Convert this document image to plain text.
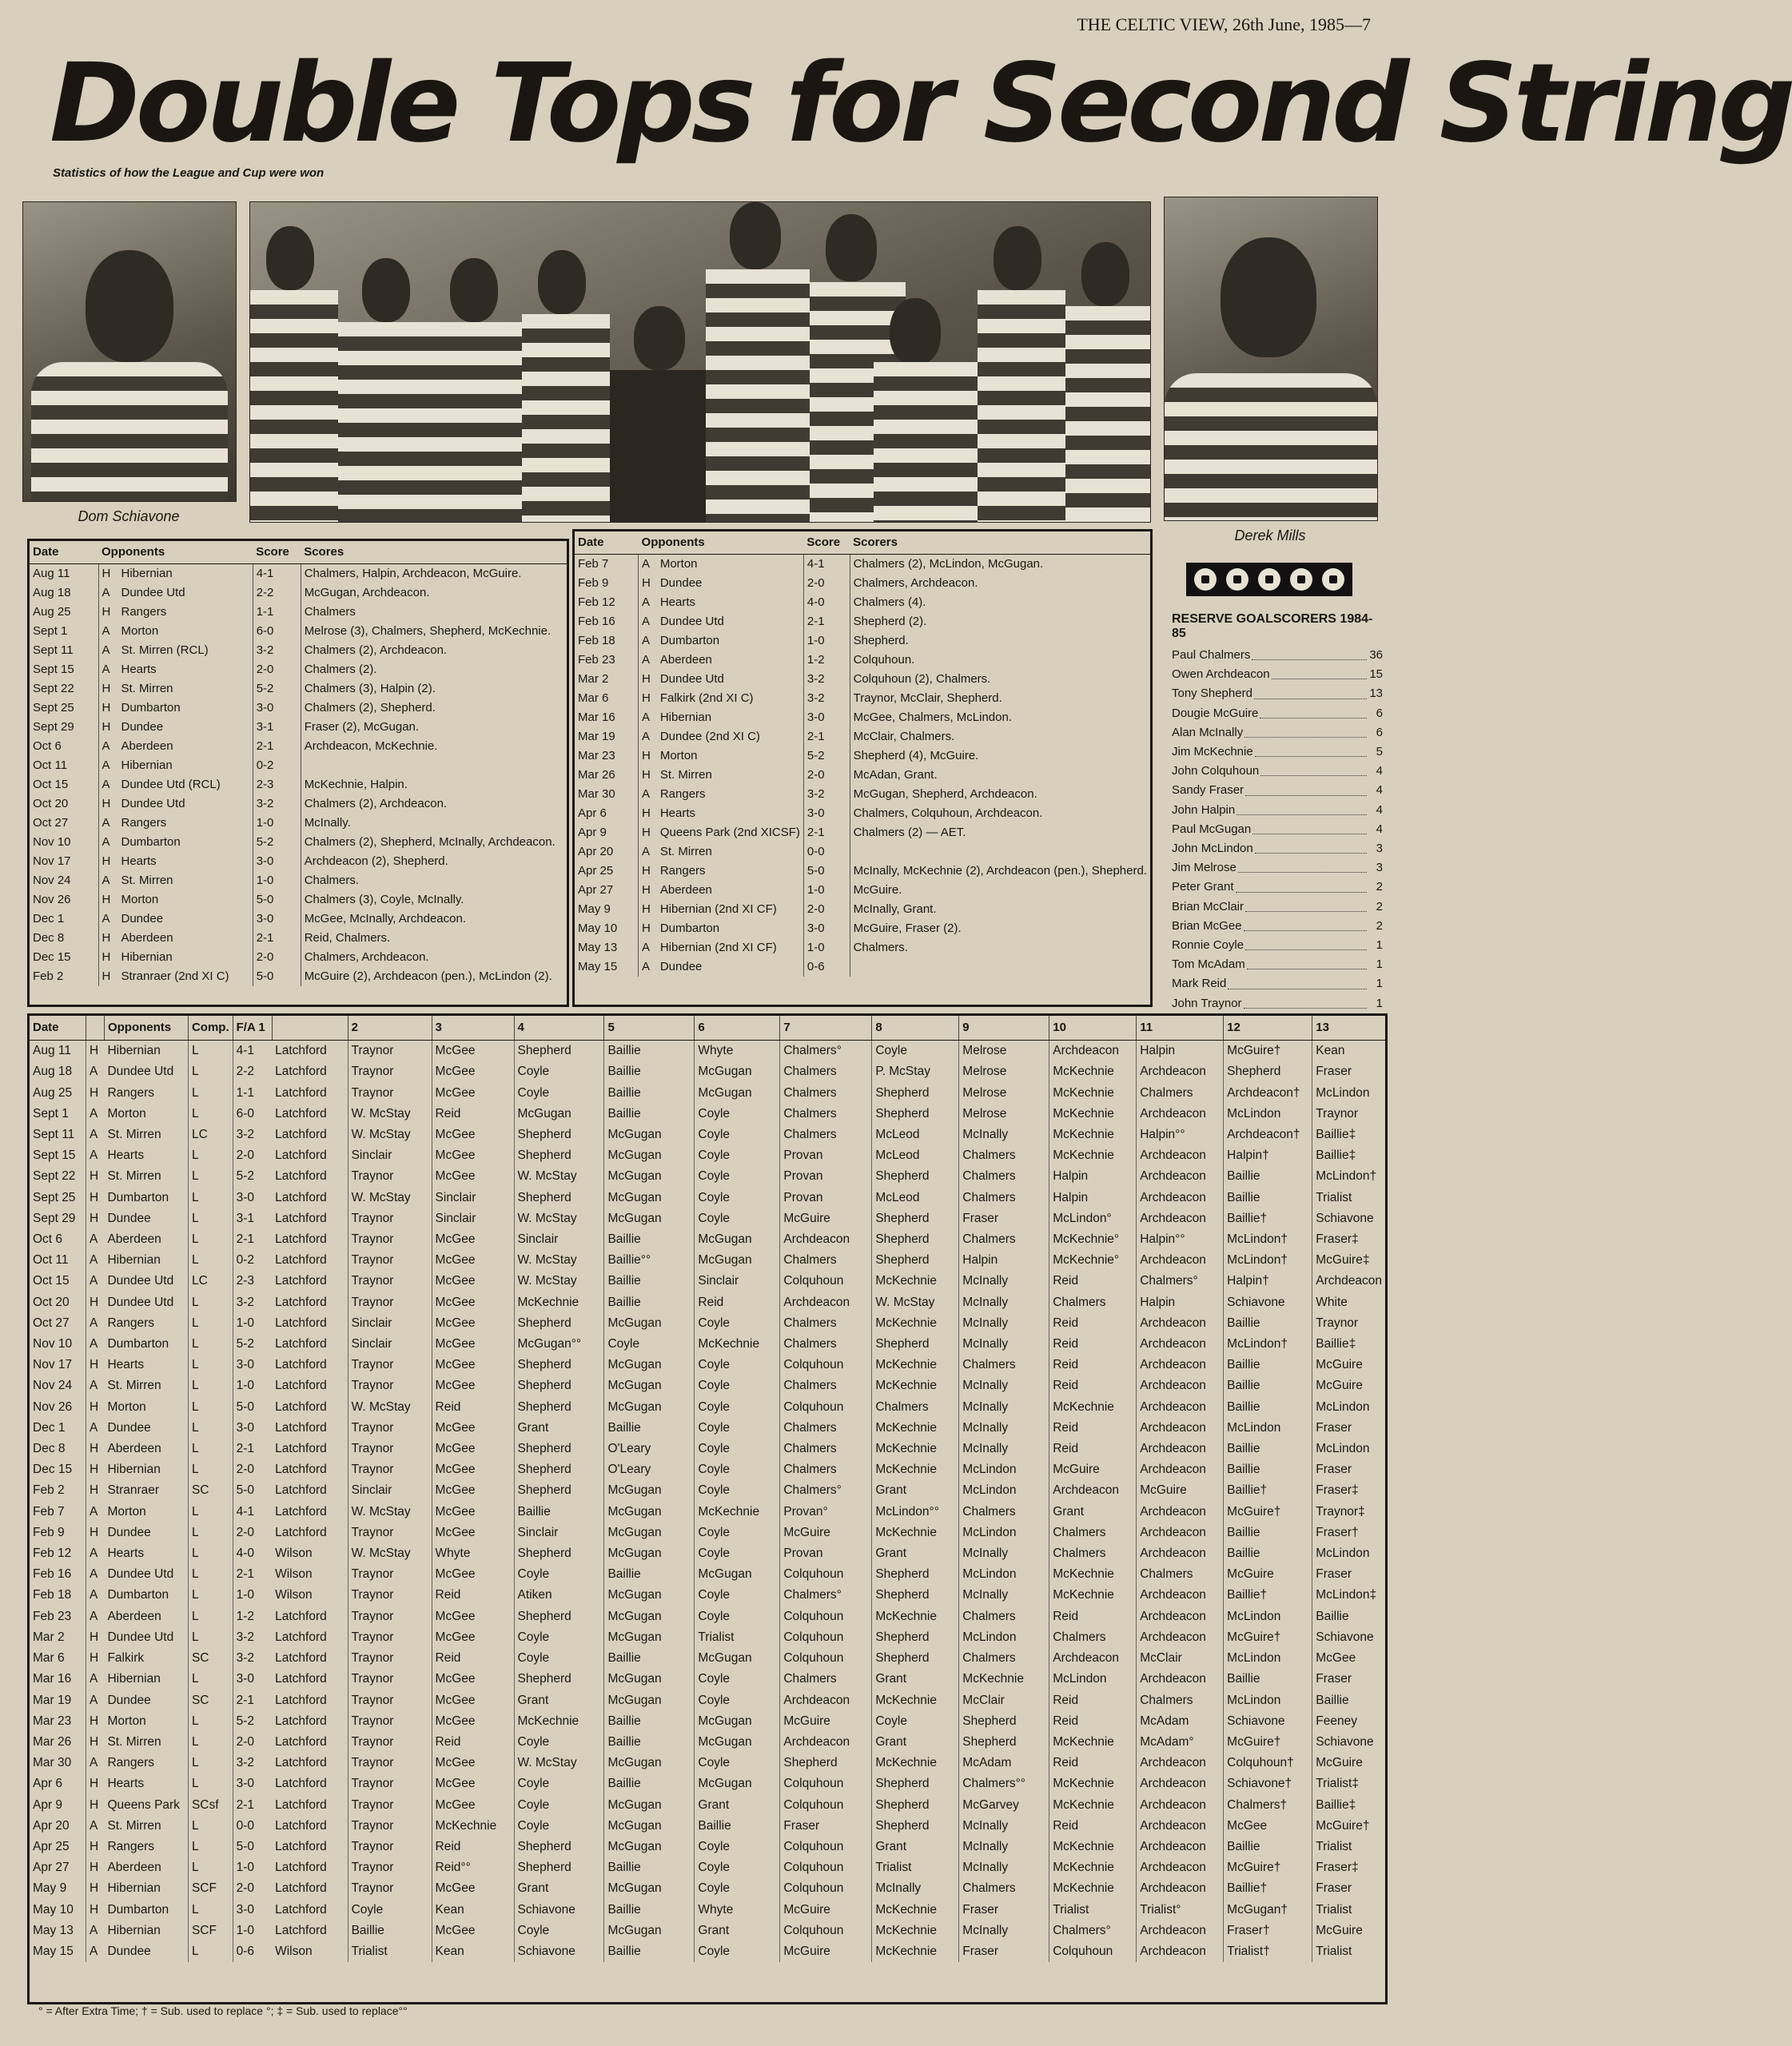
THE CELTIC VIEW, 26th June, 1985—7
Double Tops for Second String
Statistics of how the League and Cup were won
Dom Schiavone
Derek Mills
Date	Opponents		Score	Scores
Aug 11	H	Hibernian	4-1	Chalmers, Halpin, Archdeacon, McGuire.
Aug 18	A	Dundee Utd	2-2	McGugan, Archdeacon.
Aug 25	H	Rangers	1-1	Chalmers
Sept 1	A	Morton	6-0	Melrose (3), Chalmers, Shepherd, McKechnie.
Sept 11	A	St. Mirren (RCL)	3-2	Chalmers (2), Archdeacon.
Sept 15	A	Hearts	2-0	Chalmers (2).
Sept 22	H	St. Mirren	5-2	Chalmers (3), Halpin (2).
Sept 25	H	Dumbarton	3-0	Chalmers (2), Shepherd.
Sept 29	H	Dundee	3-1	Fraser (2), McGugan.
Oct 6	A	Aberdeen	2-1	Archdeacon, McKechnie.
Oct 11	A	Hibernian	0-2	
Oct 15	A	Dundee Utd (RCL)	2-3	McKechnie, Halpin.
Oct 20	H	Dundee Utd	3-2	Chalmers (2), Archdeacon.
Oct 27	A	Rangers	1-0	McInally.
Nov 10	A	Dumbarton	5-2	Chalmers (2), Shepherd, McInally, Archdeacon.
Nov 17	H	Hearts	3-0	Archdeacon (2), Shepherd.
Nov 24	A	St. Mirren	1-0	Chalmers.
Nov 26	H	Morton	5-0	Chalmers (3), Coyle, McInally.
Dec 1	A	Dundee	3-0	McGee, McInally, Archdeacon.
Dec 8	H	Aberdeen	2-1	Reid, Chalmers.
Dec 15	H	Hibernian	2-0	Chalmers, Archdeacon.
Feb 2	H	Stranraer (2nd XI C)	5-0	McGuire (2), Archdeacon (pen.), McLindon (2).
Date	Opponents		Score	Scorers
Feb 7	A	Morton	4-1	Chalmers (2), McLindon, McGugan.
Feb 9	H	Dundee	2-0	Chalmers, Archdeacon.
Feb 12	A	Hearts	4-0	Chalmers (4).
Feb 16	A	Dundee Utd	2-1	Shepherd (2).
Feb 18	A	Dumbarton	1-0	Shepherd.
Feb 23	A	Aberdeen	1-2	Colquhoun.
Mar 2	H	Dundee Utd	3-2	Colquhoun (2), Chalmers.
Mar 6	H	Falkirk (2nd XI C)	3-2	Traynor, McClair, Shepherd.
Mar 16	A	Hibernian	3-0	McGee, Chalmers, McLindon.
Mar 19	A	Dundee (2nd XI C)	2-1	McClair, Chalmers.
Mar 23	H	Morton	5-2	Shepherd (4), McGuire.
Mar 26	H	St. Mirren	2-0	McAdan, Grant.
Mar 30	A	Rangers	3-2	McGugan, Shepherd, Archdeacon.
Apr 6	H	Hearts	3-0	Chalmers, Colquhoun, Archdeacon.
Apr 9	H	Queens Park (2nd XICSF)	2-1	Chalmers (2) — AET.
Apr 20	A	St. Mirren	0-0	
Apr 25	H	Rangers	5-0	McInally, McKechnie (2), Archdeacon (pen.), Shepherd.
Apr 27	H	Aberdeen	1-0	McGuire.
May 9	H	Hibernian (2nd XI CF)	2-0	McInally, Grant.
May 10	H	Dumbarton	3-0	McGuire, Fraser (2).
May 13	A	Hibernian (2nd XI CF)	1-0	Chalmers.
May 15	A	Dundee	0-6	
RESERVE GOALSCORERS 1984-85
Paul Chalmers	36
Owen Archdeacon	15
Tony Shepherd	13
Dougie McGuire	6
Alan McInally	6
Jim McKechnie	5
John Colquhoun	4
Sandy Fraser	4
John Halpin	4
Paul McGugan	4
John McLindon	3
Jim Melrose	3
Peter Grant	2
Brian McClair	2
Brian McGee	2
Ronnie Coyle	1
Tom McAdam	1
Mark Reid	1
John Traynor	1
Date		Opponents	Comp.	F/A 1		2	3	4	5	6	7	8	9	10	11	12	13
Aug 11	H	Hibernian	L	4-1	Latchford	Traynor	McGee	Shepherd	Baillie	Whyte	Chalmers°	Coyle	Melrose	Archdeacon	Halpin	McGuire†	Kean
Aug 18	A	Dundee Utd	L	2-2	Latchford	Traynor	McGee	Coyle	Baillie	McGugan	Chalmers	P. McStay	Melrose	McKechnie	Archdeacon	Shepherd	Fraser
Aug 25	H	Rangers	L	1-1	Latchford	Traynor	McGee	Coyle	Baillie	McGugan	Chalmers	Shepherd	Melrose	McKechnie	Chalmers	Archdeacon†	McLindon
Sept 1	A	Morton	L	6-0	Latchford	W. McStay	Reid	McGugan	Baillie	Coyle	Chalmers	Shepherd	Melrose	McKechnie	Archdeacon	McLindon	Traynor
Sept 11	A	St. Mirren	LC	3-2	Latchford	W. McStay	McGee	Shepherd	McGugan	Coyle	Chalmers	McLeod	McInally	McKechnie	Halpin°°	Archdeacon†	Baillie‡
Sept 15	A	Hearts	L	2-0	Latchford	Sinclair	McGee	Shepherd	McGugan	Coyle	Provan	McLeod	Chalmers	McKechnie	Archdeacon	Halpin†	Baillie‡
Sept 22	H	St. Mirren	L	5-2	Latchford	Traynor	McGee	W. McStay	McGugan	Coyle	Provan	Shepherd	Chalmers	Halpin	Archdeacon	Baillie	McLindon†
Sept 25	H	Dumbarton	L	3-0	Latchford	W. McStay	Sinclair	Shepherd	McGugan	Coyle	Provan	McLeod	Chalmers	Halpin	Archdeacon	Baillie	Trialist
Sept 29	H	Dundee	L	3-1	Latchford	Traynor	Sinclair	W. McStay	McGugan	Coyle	McGuire	Shepherd	Fraser	McLindon°	Archdeacon	Baillie†	Schiavone
Oct 6	A	Aberdeen	L	2-1	Latchford	Traynor	McGee	Sinclair	Baillie	McGugan	Archdeacon	Shepherd	Chalmers	McKechnie°	Halpin°°	McLindon†	Fraser‡
Oct 11	A	Hibernian	L	0-2	Latchford	Traynor	McGee	W. McStay	Baillie°°	McGugan	Chalmers	Shepherd	Halpin	McKechnie°	Archdeacon	McLindon†	McGuire‡
Oct 15	A	Dundee Utd	LC	2-3	Latchford	Traynor	McGee	W. McStay	Baillie	Sinclair	Colquhoun	McKechnie	McInally	Reid	Chalmers°	Halpin†	Archdeacon
Oct 20	H	Dundee Utd	L	3-2	Latchford	Traynor	McGee	McKechnie	Baillie	Reid	Archdeacon	W. McStay	McInally	Chalmers	Halpin	Schiavone	White
Oct 27	A	Rangers	L	1-0	Latchford	Sinclair	McGee	Shepherd	McGugan	Coyle	Chalmers	McKechnie	McInally	Reid	Archdeacon	Baillie	Traynor
Nov 10	A	Dumbarton	L	5-2	Latchford	Sinclair	McGee	McGugan°°	Coyle	McKechnie	Chalmers	Shepherd	McInally	Reid	Archdeacon	McLindon†	Baillie‡
Nov 17	H	Hearts	L	3-0	Latchford	Traynor	McGee	Shepherd	McGugan	Coyle	Colquhoun	McKechnie	Chalmers	Reid	Archdeacon	Baillie	McGuire
Nov 24	A	St. Mirren	L	1-0	Latchford	Traynor	McGee	Shepherd	McGugan	Coyle	Chalmers	McKechnie	McInally	Reid	Archdeacon	Baillie	McGuire
Nov 26	H	Morton	L	5-0	Latchford	W. McStay	Reid	Shepherd	McGugan	Coyle	Colquhoun	Chalmers	McInally	McKechnie	Archdeacon	Baillie	McLindon
Dec 1	A	Dundee	L	3-0	Latchford	Traynor	McGee	Grant	Baillie	Coyle	Chalmers	McKechnie	McInally	Reid	Archdeacon	McLindon	Fraser
Dec 8	H	Aberdeen	L	2-1	Latchford	Traynor	McGee	Shepherd	O'Leary	Coyle	Chalmers	McKechnie	McInally	Reid	Archdeacon	Baillie	McLindon
Dec 15	H	Hibernian	L	2-0	Latchford	Traynor	McGee	Shepherd	O'Leary	Coyle	Chalmers	McKechnie	McLindon	McGuire	Archdeacon	Baillie	Fraser
Feb 2	H	Stranraer	SC	5-0	Latchford	Sinclair	McGee	Shepherd	McGugan	Coyle	Chalmers°	Grant	McLindon	Archdeacon	McGuire	Baillie†	Fraser‡
Feb 7	A	Morton	L	4-1	Latchford	W. McStay	McGee	Baillie	McGugan	McKechnie	Provan°	McLindon°°	Chalmers	Grant	Archdeacon	McGuire†	Traynor‡
Feb 9	H	Dundee	L	2-0	Latchford	Traynor	McGee	Sinclair	McGugan	Coyle	McGuire	McKechnie	McLindon	Chalmers	Archdeacon	Baillie	Fraser†
Feb 12	A	Hearts	L	4-0	Wilson	W. McStay	Whyte	Shepherd	McGugan	Coyle	Provan	Grant	McInally	Chalmers	Archdeacon	Baillie	McLindon
Feb 16	A	Dundee Utd	L	2-1	Wilson	Traynor	McGee	Coyle	Baillie	McGugan	Colquhoun	Shepherd	McLindon	McKechnie	Chalmers	McGuire	Fraser
Feb 18	A	Dumbarton	L	1-0	Wilson	Traynor	Reid	Atiken	McGugan	Coyle	Chalmers°	Shepherd	McInally	McKechnie	Archdeacon	Baillie†	McLindon‡
Feb 23	A	Aberdeen	L	1-2	Latchford	Traynor	McGee	Shepherd	McGugan	Coyle	Colquhoun	McKechnie	Chalmers	Reid	Archdeacon	McLindon	Baillie
Mar 2	H	Dundee Utd	L	3-2	Latchford	Traynor	McGee	Coyle	McGugan	Trialist	Colquhoun	Shepherd	McLindon	Chalmers	Archdeacon	McGuire†	Schiavone
Mar 6	H	Falkirk	SC	3-2	Latchford	Traynor	Reid	Coyle	Baillie	McGugan	Colquhoun	Shepherd	Chalmers	Archdeacon	McClair	McLindon	McGee
Mar 16	A	Hibernian	L	3-0	Latchford	Traynor	McGee	Shepherd	McGugan	Coyle	Chalmers	Grant	McKechnie	McLindon	Archdeacon	Baillie	Fraser
Mar 19	A	Dundee	SC	2-1	Latchford	Traynor	McGee	Grant	McGugan	Coyle	Archdeacon	McKechnie	McClair	Reid	Chalmers	McLindon	Baillie
Mar 23	H	Morton	L	5-2	Latchford	Traynor	McGee	McKechnie	Baillie	McGugan	McGuire	Coyle	Shepherd	Reid	McAdam	Schiavone	Feeney
Mar 26	H	St. Mirren	L	2-0	Latchford	Traynor	Reid	Coyle	Baillie	McGugan	Archdeacon	Grant	Shepherd	McKechnie	McAdam°	McGuire†	Schiavone
Mar 30	A	Rangers	L	3-2	Latchford	Traynor	McGee	W. McStay	McGugan	Coyle	Shepherd	McKechnie	McAdam	Reid	Archdeacon	Colquhoun†	McGuire
Apr 6	H	Hearts	L	3-0	Latchford	Traynor	McGee	Coyle	Baillie	McGugan	Colquhoun	Shepherd	Chalmers°°	McKechnie	Archdeacon	Schiavone†	Trialist‡
Apr 9	H	Queens Park	SCsf	2-1	Latchford	Traynor	McGee	Coyle	McGugan	Grant	Colquhoun	Shepherd	McGarvey	McKechnie	Archdeacon	Chalmers†	Baillie‡
Apr 20	A	St. Mirren	L	0-0	Latchford	Traynor	McKechnie	Coyle	McGugan	Baillie	Fraser	Shepherd	McInally	Reid	Archdeacon	McGee	McGuire†
Apr 25	H	Rangers	L	5-0	Latchford	Traynor	Reid	Shepherd	McGugan	Coyle	Colquhoun	Grant	McInally	McKechnie	Archdeacon	Baillie	Trialist
Apr 27	H	Aberdeen	L	1-0	Latchford	Traynor	Reid°°	Shepherd	Baillie	Coyle	Colquhoun	Trialist	McInally	McKechnie	Archdeacon	McGuire†	Fraser‡
May 9	H	Hibernian	SCF	2-0	Latchford	Traynor	McGee	Grant	McGugan	Coyle	Colquhoun	McInally	Chalmers	McKechnie	Archdeacon	Baillie†	Fraser
May 10	H	Dumbarton	L	3-0	Latchford	Coyle	Kean	Schiavone	Baillie	Whyte	McGuire	McKechnie	Fraser	Trialist	Trialist°	McGugan†	Trialist
May 13	A	Hibernian	SCF	1-0	Latchford	Baillie	McGee	Coyle	McGugan	Grant	Colquhoun	McKechnie	McInally	Chalmers°	Archdeacon	Fraser†	McGuire
May 15	A	Dundee	L	0-6	Wilson	Trialist	Kean	Schiavone	Baillie	Coyle	McGuire	McKechnie	Fraser	Colquhoun	Archdeacon	Trialist†	Trialist
° = After Extra Time; † = Sub. used to replace °; ‡ = Sub. used to replace°°
